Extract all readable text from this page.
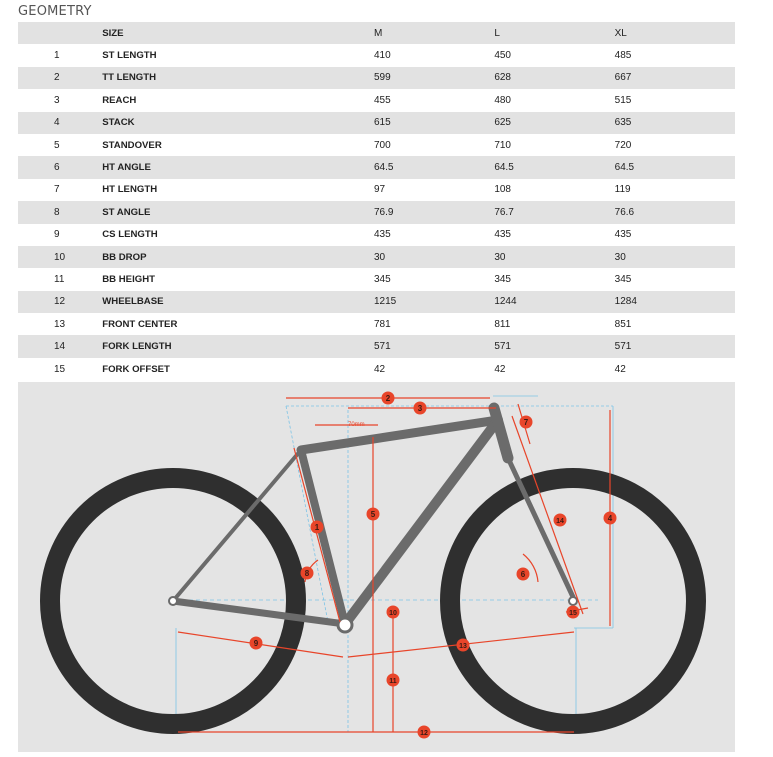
GEOMETRY
	SIZE	M	L	XL
1	ST LENGTH	410	450	485
2	TT LENGTH	599	628	667
3	REACH	455	480	515
4	STACK	615	625	635
5	STANDOVER	700	710	720
6	HT ANGLE	64.5	64.5	64.5
7	HT LENGTH	97	108	119
8	ST ANGLE	76.9	76.7	76.6
9	CS LENGTH	435	435	435
10	BB DROP	30	30	30
11	BB HEIGHT	345	345	345
12	WHEELBASE	1215	1244	1284
13	FRONT CENTER	781	811	851
14	FORK LENGTH	571	571	571
15	FORK OFFSET	42	42	42
70mm
1
2
3
4
5
6
7
8
9
10
11
12
13
14
15
